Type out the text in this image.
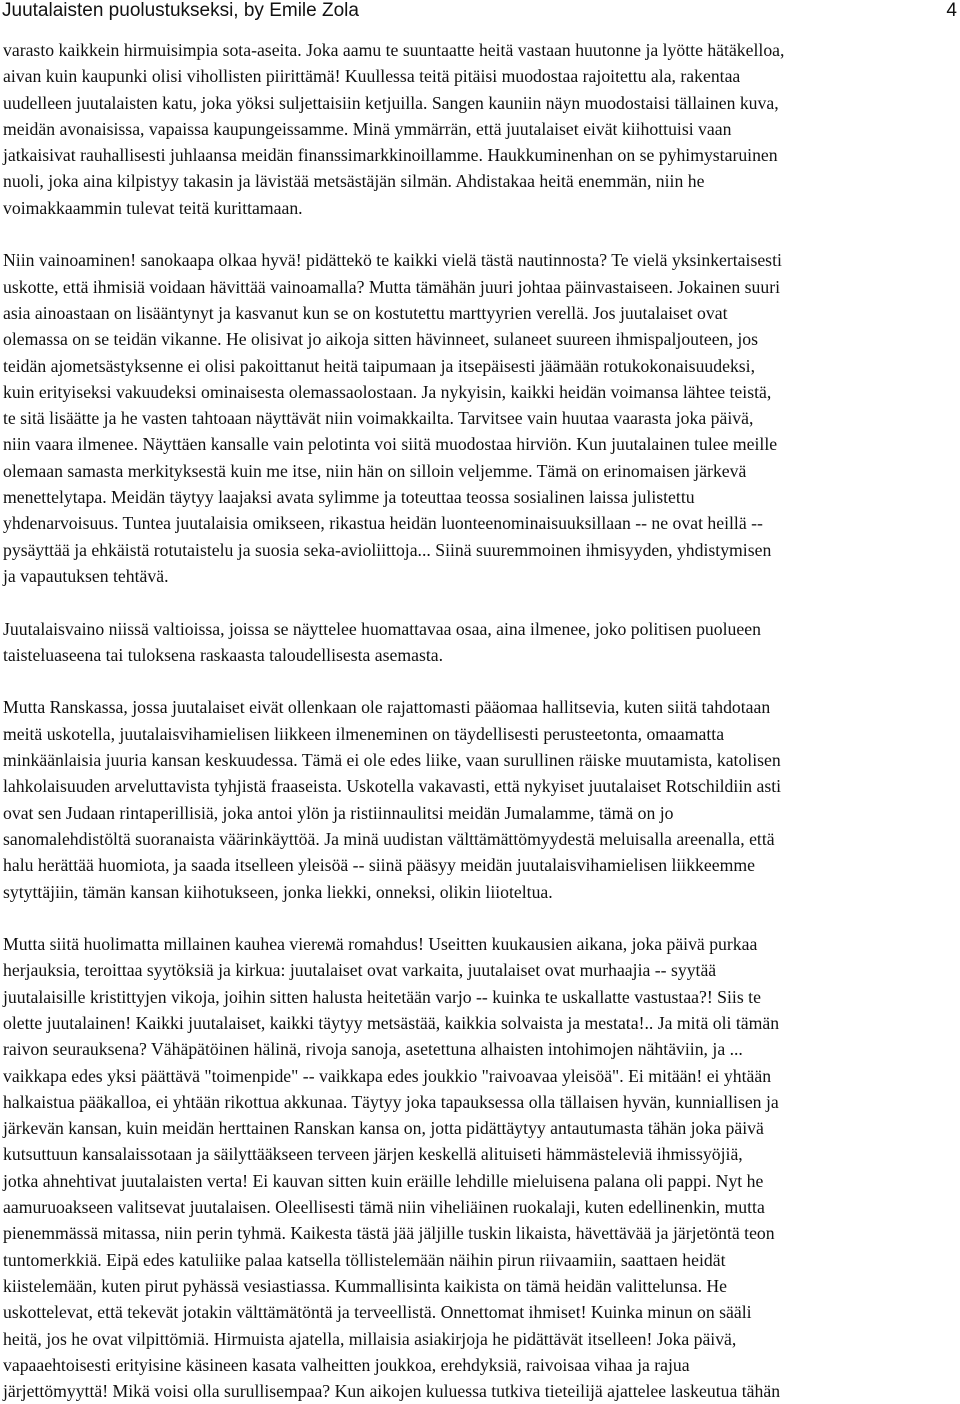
Juutalaisten puolustukseksi, by Emile Zola	4

varasto kaikkein hirmuisimpia sota-aseita. Joka aamu te suuntaatte heitä vastaan huutonne ja lyötte hätäkelloa,
aivan kuin kaupunki olisi vihollisten piirittämä! Kuullessa teitä pitäisi muodostaa rajoitettu ala, rakentaa
uudelleen juutalaisten katu, joka yöksi suljettaisiin ketjuilla. Sangen kauniin näyn muodostaisi tällainen kuva,
meidän avonaisissa, vapaissa kaupungeissamme. Minä ymmärrän, että juutalaiset eivät kiihottuisi vaan
jatkaisivat rauhallisesti juhlaansa meidän finanssimarkkinoillamme. Haukkuminenhan on se pyhimystaruinen
nuoli, joka aina kilpistyy takasin ja lävistää metsästäjän silmän. Ahdistakaa heitä enemmän, niin he
voimakkaammin tulevat teitä kurittamaan.

Niin vainoaminen! sanokaapa olkaa hyvä! pidättekö te kaikki vielä tästä nautinnosta? Te vielä yksinkertaisesti
uskotte, että ihmisiä voidaan hävittää vainoamalla? Mutta tämähän juuri johtaa päinvastaiseen. Jokainen suuri
asia ainoastaan on lisääntynyt ja kasvanut kun se on kostutettu marttyyrien verellä. Jos juutalaiset ovat
olemassa on se teidän vikanne. He olisivat jo aikoja sitten hävinneet, sulaneet suureen ihmispaljouteen, jos
teidän ajometsästyksenne ei olisi pakoittanut heitä taipumaan ja itsepäisesti jäämään rotukokonaisuudeksi,
kuin erityiseksi vakuudeksi ominaisesta olemassaolostaan. Ja nykyisin, kaikki heidän voimansa lähtee teistä,
te sitä lisäätte ja he vasten tahtoaan näyttävät niin voimakkailta. Tarvitsee vain huutaa vaarasta joka päivä,
niin vaara ilmenee. Näyttäen kansalle vain pelotinta voi siitä muodostaa hirviön. Kun juutalainen tulee meille
olemaan samasta merkityksestä kuin me itse, niin hän on silloin veljemme. Tämä on erinomaisen järkevä
menettelytapa. Meidän täytyy laajaksi avata sylimme ja toteuttaa teossa sosialinen laissa julistettu
yhdenarvoisuus. Tuntea juutalaisia omikseen, rikastua heidän luonteenominaisuuksillaan -- ne ovat heillä --
pysäyttää ja ehkäistä rotutaistelu ja suosia seka-avioliittoja... Siinä suuremmoinen ihmisyyden, yhdistymisen
ja vapautuksen tehtävä.

Juutalaisvaino niissä valtioissa, joissa se näyttelee huomattavaa osaa, aina ilmenee, joko politisen puolueen
taisteluaseena tai tuloksena raskaasta taloudellisesta asemasta.

Mutta Ranskassa, jossa juutalaiset eivät ollenkaan ole rajattomasti pääomaa hallitsevia, kuten siitä tahdotaan
meitä uskotella, juutalaisvihamielisen liikkeen ilmeneminen on täydellisesti perusteetonta, omaamatta
minkäänlaisia juuria kansan keskuudessa. Tämä ei ole edes liike, vaan surullinen räiske muutamista, katolisen
lahkolaisuuden arveluttavista tyhjistä fraaseista. Uskotella vakavasti, että nykyiset juutalaiset Rotschildiin asti
ovat sen Judaan rintaperillisiä, joka antoi ylön ja ristiinnaulitsi meidän Jumalamme, tämä on jo
sanomalehdistöltä suoranaista väärinkäyttöä. Ja minä uudistan välttämättömyydestä meluisalla areenalla, että
halu herättää huomiota, ja saada itselleen yleisöä -- siinä pääsyy meidän juutalaisvihamielisen liikkeemme
sytyttäjiin, tämän kansan kiihotukseen, jonka liekki, onneksi, olikin liioteltua.

Mutta siitä huolimatta millainen kauhea vierемä romahdus! Useitten kuukausien aikana, joka päivä purkaa
herjauksia, teroittaa syytöksiä ja kirkua: juutalaiset ovat varkaita, juutalaiset ovat murhaajia -- syytää
juutalaisille kristittyjen vikoja, joihin sitten halusta heitetään varjo -- kuinka te uskallatte vastustaa?! Siis te
olette juutalainen! Kaikki juutalaiset, kaikki täytyy metsästää, kaikkia solvaista ja mestata!.. Ja mitä oli tämän
raivon seurauksena? Vähäpätöinen hälinä, rivoja sanoja, asetettuna alhaisten intohimojen nähtäviin, ja ...
vaikkapa edes yksi päättävä "toimenpide" -- vaikkapa edes joukkio "raivoavaa yleisöä". Ei mitään! ei yhtään
halkaistua pääkalloa, ei yhtään rikottua akkunaa. Täytyy joka tapauksessa olla tällaisen hyvän, kunniallisen ja
järkevän kansan, kuin meidän herttainen Ranskan kansa on, jotta pidättäytyy antautumasta tähän joka päivä
kutsuttuun kansalaissotaan ja säilyttääkseen terveen järjen keskellä alituiseti hämmästeleviä ihmissyöjiä,
jotka ahnehtivat juutalaisten verta! Ei kauvan sitten kuin eräille lehdille mieluisena palana oli pappi. Nyt he
aamuruoakseen valitsevat juutalaisen. Oleellisesti tämä niin viheliäinen ruokalaji, kuten edellinenkin, mutta
pienemmässä mitassa, niin perin tyhmä. Kaikesta tästä jää jäljille tuskin likaista, hävettävää ja järjetöntä teon
tuntomerkkiä. Eipä edes katuliike palaa katsella töllistelemään näihin pirun riivaamiin, saattaen heidät
kiistelemään, kuten pirut pyhässä vesiastiassa. Kummallisinta kaikista on tämä heidän valittelunsa. He
uskottelevat, että tekevät jotakin välttämätöntä ja terveellistä. Onnettomat ihmiset! Kuinka minun on sääli
heitä, jos he ovat vilpittömiä. Hirmuista ajatella, millaisia asiakirjoja he pidättävät itselleen! Joka päivä,
vapaaehtoisesti erityisine käsineen kasata valheitten joukkoa, erehdyksiä, raivoisaa vihaa ja rajua
järjettömyyttä! Mikä voisi olla surullisempaa? Kun aikojen kuluessa tutkiva tieteilijä ajattelee laskeutua tähän
